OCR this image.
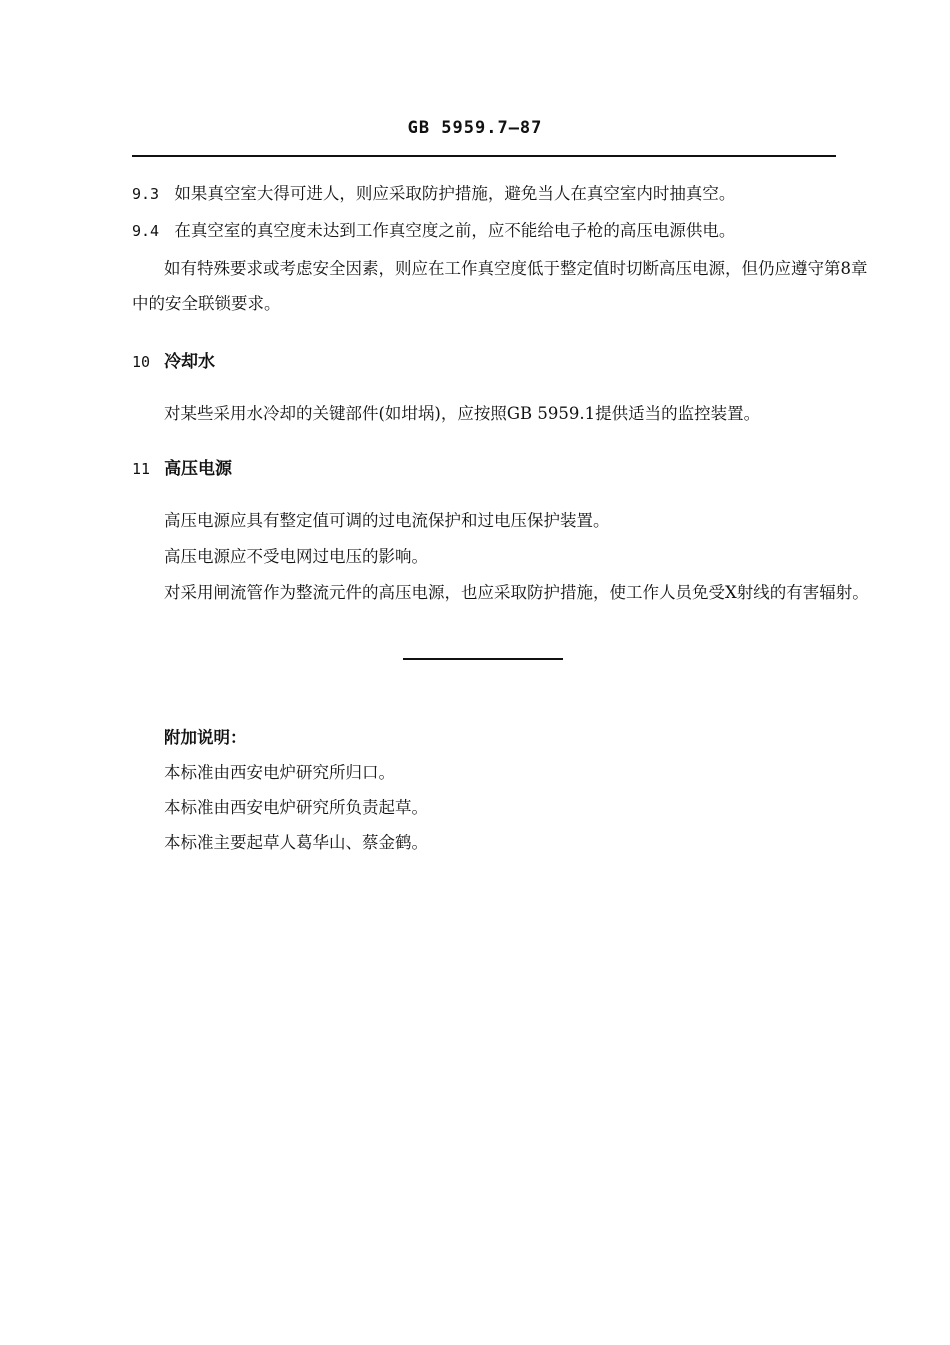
GB 5959.7—87
9.3 如果真空室大得可进人，则应采取防护措施，避免当人在真空室内时抽真空。
9.4 在真空室的真空度未达到工作真空度之前，应不能给电子枪的高压电源供电。
如有特殊要求或考虑安全因素，则应在工作真空度低于整定值时切断高压电源，但仍应遵守第8章
中的安全联锁要求。
10 冷却水
对某些采用水冷却的关键部件(如坩埚)，应按照GB 5959.1提供适当的监控装置。
11 高压电源
高压电源应具有整定值可调的过电流保护和过电压保护装置。
高压电源应不受电网过电压的影响。
对采用闸流管作为整流元件的高压电源，也应采取防护措施，使工作人员免受X射线的有害辐射。
附加说明：
本标准由西安电炉研究所归口。
本标准由西安电炉研究所负责起草。
本标准主要起草人葛华山、蔡金鹤。
